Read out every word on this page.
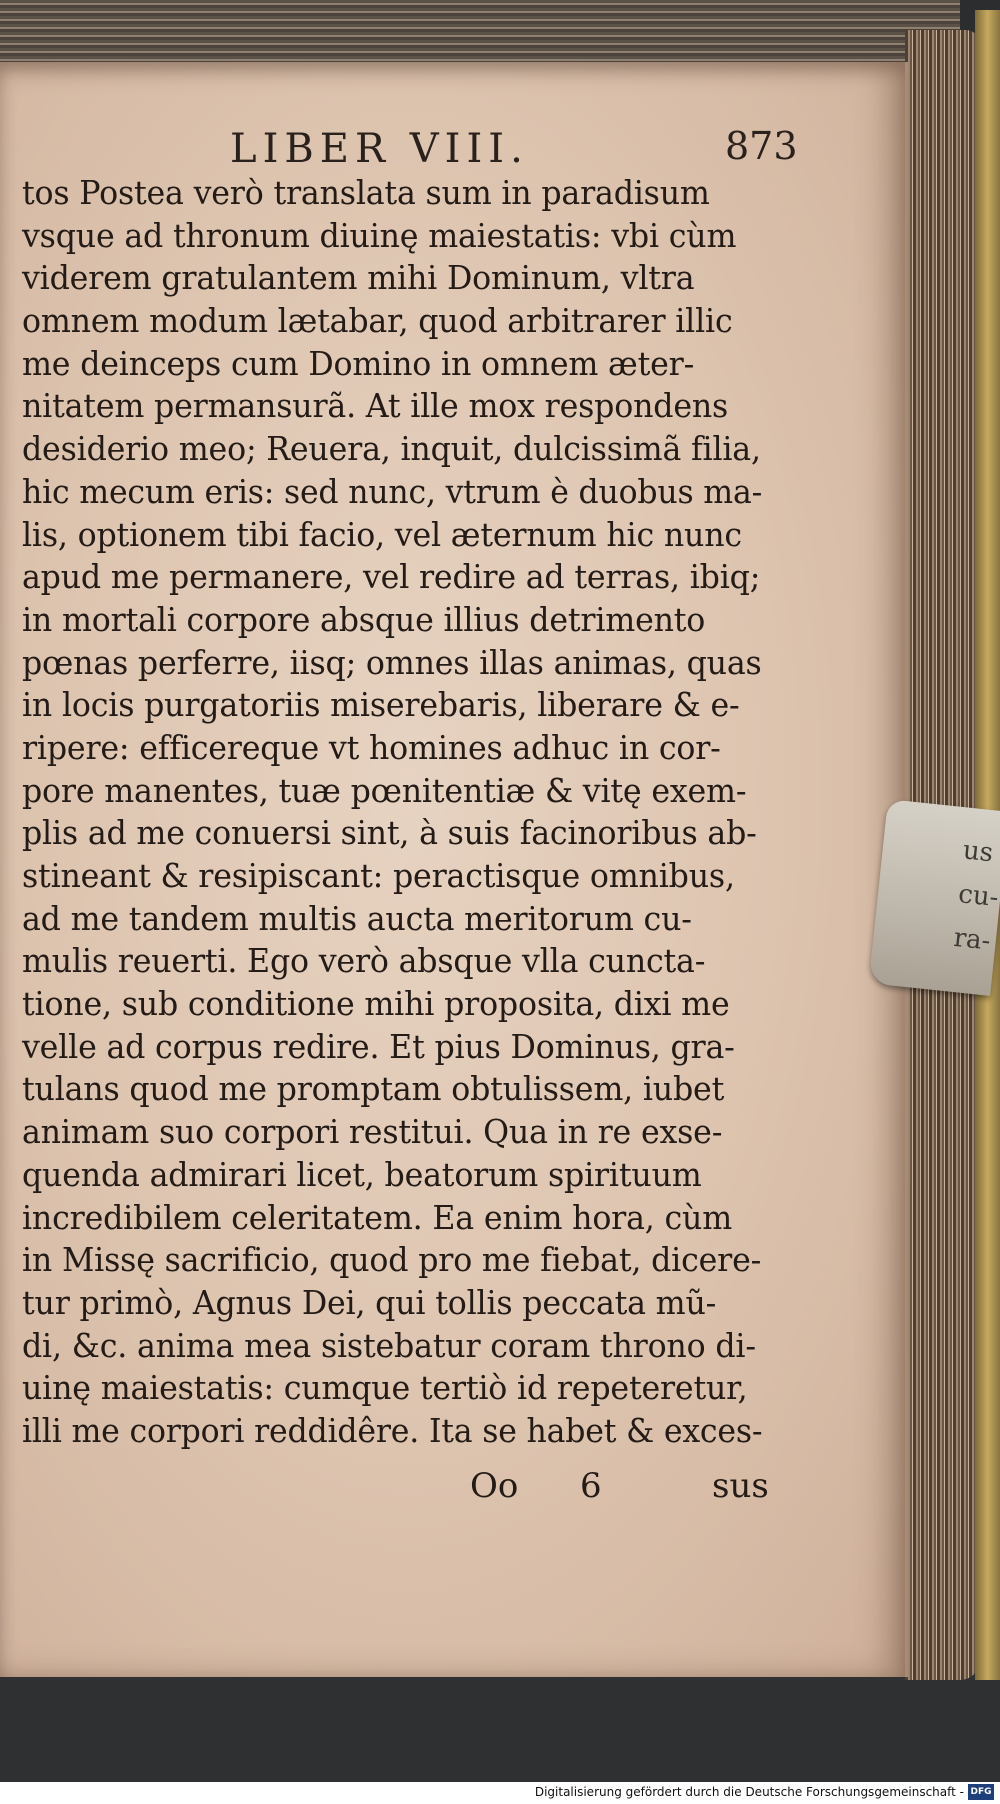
LIBER VIII.	873
tos Postea verò translata sum in paradisum
vsque ad thronum diuinę maiestatis: vbi cùm
viderem gratulantem mihi Dominum, vltra
omnem modum lætabar, quod arbitrarer illic
me deinceps cum Domino in omnem æter-
nitatem permansurã. At ille mox respondens
desiderio meo; Reuera, inquit, dulcissimã filia,
hic mecum eris: sed nunc, vtrum è duobus ma-
lis, optionem tibi facio, vel æternum hic nunc
apud me permanere, vel redire ad terras, ibiq;
in mortali corpore absque illius detrimento
pœnas perferre, iisq; omnes illas animas, quas
in locis purgatoriis miserebaris, liberare & e-
ripere: efficereque vt homines adhuc in cor-
pore manentes, tuæ pœnitentiæ & vitę exem-
plis ad me conuersi sint, à suis facinoribus ab-
stineant & resipiscant: peractisque omnibus,
ad me tandem multis aucta meritorum cu-
mulis reuerti. Ego verò absque vlla cuncta-
tione, sub conditione mihi proposita, dixi me
velle ad corpus redire. Et pius Dominus, gra-
tulans quod me promptam obtulissem, iubet
animam suo corpori restitui. Qua in re exse-
quenda admirari licet, beatorum spirituum
incredibilem celeritatem. Ea enim hora, cùm
in Missę sacrificio, quod pro me fiebat, dicere-
tur primò, Agnus Dei, qui tollis peccata mũ-
di, &c. anima mea sistebatur coram throno di-
uinę maiestatis: cumque tertiò id repeteretur,
illi me corpori reddidêre. Ita se habet & exces-
Oo 6	sus
us
cu-
ra-
Digitalisierung gefördert durch die Deutsche Forschungsgemeinschaft - DFG
